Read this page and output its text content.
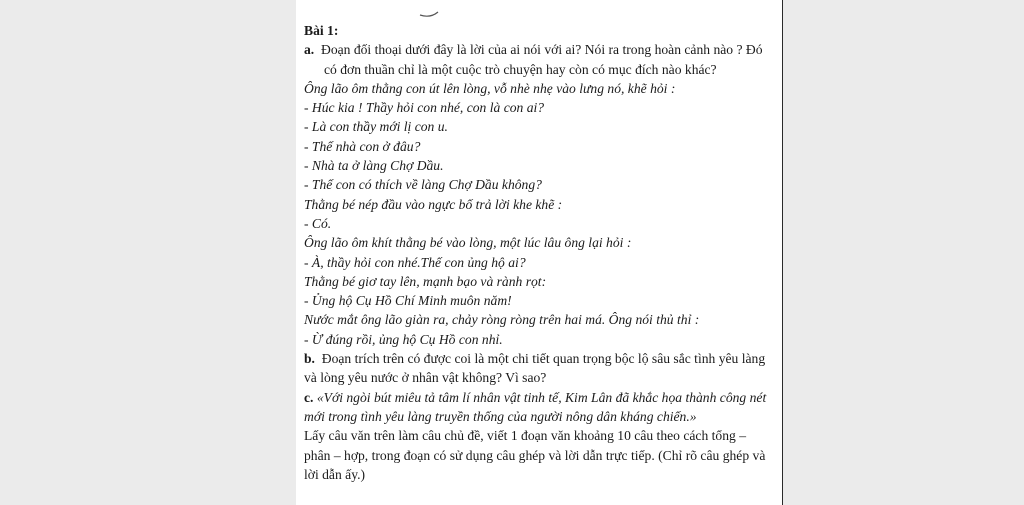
Bài 1:
a. Đoạn đối thoại dưới đây là lời của ai nói với ai? Nói ra trong hoàn cảnh nào ? Đó
có đơn thuần chỉ là một cuộc trò chuyện hay còn có mục đích nào khác?
Ông lão ôm thằng con út lên lòng, vỗ nhè nhẹ vào lưng nó, khẽ hỏi :
- Húc kia ! Thầy hỏi con nhé, con là con ai?
- Là con thầy mới lị con u.
- Thế nhà con ở đâu?
- Nhà ta ở làng Chợ Dầu.
- Thế con có thích về làng Chợ Dầu không?
Thằng bé nép đầu vào ngực bố trả lời khe khẽ :
- Có.
Ông lão ôm khít thằng bé vào lòng, một lúc lâu ông lại hỏi :
- À, thầy hỏi con nhé.Thế con ủng hộ ai?
Thằng bé giơ tay lên, mạnh bạo và rành rọt:
- Ủng hộ Cụ Hồ Chí Minh muôn năm!
Nước mắt ông lão giàn ra, chảy ròng ròng trên hai má. Ông nói thủ thỉ :
- Ừ đúng rồi, ủng hộ Cụ Hồ con nhỉ.
b. Đoạn trích trên có được coi là một chi tiết quan trọng bộc lộ sâu sắc tình yêu làng
và lòng yêu nước ở nhân vật không? Vì sao?
c. «Với ngòi bút miêu tả tâm lí nhân vật tinh tế, Kim Lân đã khắc họa thành công nét
mới trong tình yêu làng truyền thống của người nông dân kháng chiến.»
Lấy câu văn trên làm câu chủ đề, viết 1 đoạn văn khoảng 10 câu theo cách tổng –
phân – hợp, trong đoạn có sử dụng câu ghép và lời dẫn trực tiếp. (Chỉ rõ câu ghép và
lời dẫn ấy.)
